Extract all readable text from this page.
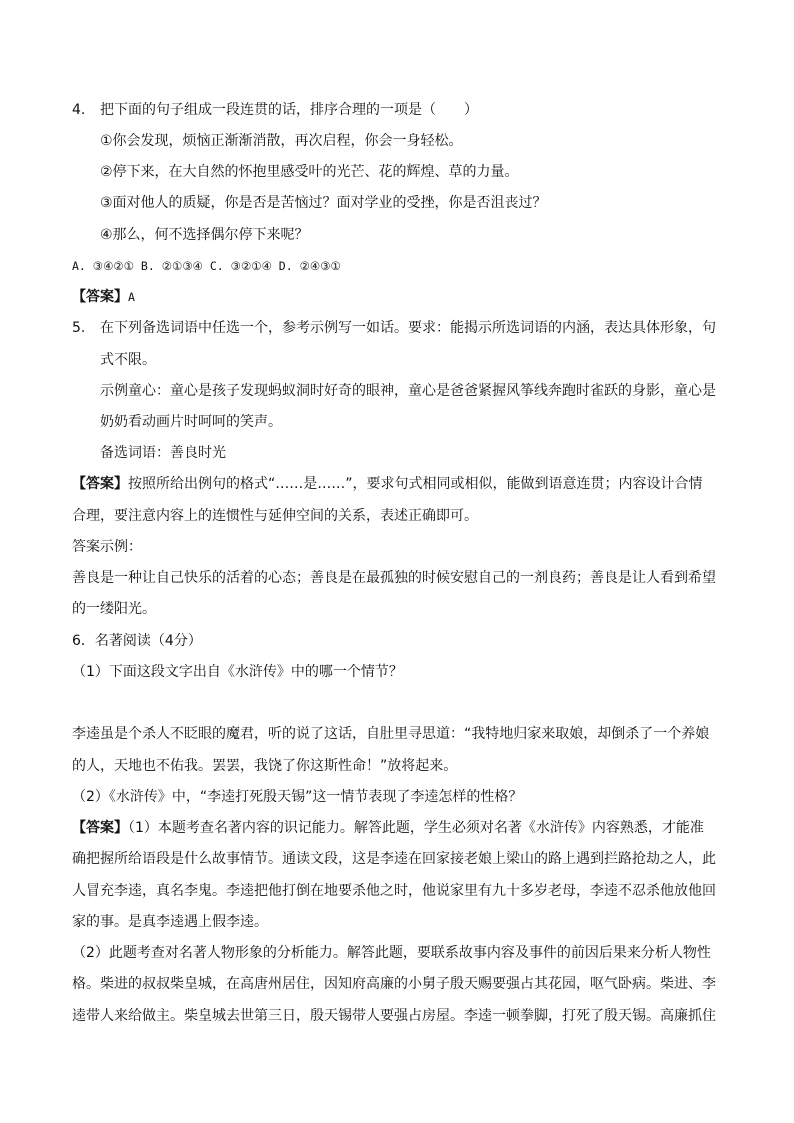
4. 把下面的句子组成一段连贯的话，排序合理的一项是（　　）
①你会发现，烦恼正渐渐消散，再次启程，你会一身轻松。
②停下来，在大自然的怀抱里感受叶的光芒、花的辉煌、草的力量。
③面对他人的质疑，你是否是苦恼过？面对学业的受挫，你是否沮丧过？
④那么，何不选择偶尔停下来呢？
A. ③④②① B. ②①③④ C. ③②①④ D. ②④③①
【答案】A
5. 在下列备选词语中任选一个，参考示例写一如话。要求：能揭示所选词语的内涵，表达具体形象，句
式不限。
示例童心：童心是孩子发现蚂蚁洞时好奇的眼神，童心是爸爸紧握风筝线奔跑时雀跃的身影，童心是
奶奶看动画片时呵呵的笑声。
备选词语：善良时光
【答案】按照所给出例句的格式“……是……”，要求句式相同或相似，能做到语意连贯；内容设计合情
合理，要注意内容上的连惯性与延伸空间的关系，表述正确即可。
答案示例：
善良是一种让自己快乐的活着的心态；善良是在最孤独的时候安慰自己的一剂良药；善良是让人看到希望
的一缕阳光。
6．名著阅读（4分）
（1）下面这段文字出自《水浒传》中的哪一个情节？
李逵虽是个杀人不眨眼的魔君，听的说了这话，自肚里寻思道：“我特地归家来取娘，却倒杀了一个养娘
的人，天地也不佑我。罢罢，我饶了你这斯性命！”放将起来。
（2）《水浒传》中，“李逵打死殷天锡”这一情节表现了李逵怎样的性格？
【答案】（1）本题考查名著内容的识记能力。解答此题，学生必须对名著《水浒传》内容熟悉，才能准
确把握所给语段是什么故事情节。通读文段，这是李逵在回家接老娘上梁山的路上遇到拦路抢劫之人，此
人冒充李逵，真名李鬼。李逵把他打倒在地要杀他之时，他说家里有九十多岁老母，李逵不忍杀他放他回
家的事。是真李逵遇上假李逵。
（2）此题考查对名著人物形象的分析能力。解答此题，要联系故事内容及事件的前因后果来分析人物性
格。柴进的叔叔柴皇城，在高唐州居住，因知府高廉的小舅子殷天赐要强占其花园，呕气卧病。柴进、李
逵带人来给做主。柴皇城去世第三日，殷天锡带人要强占房屋。李逵一顿拳脚，打死了殷天锡。高廉抓住
